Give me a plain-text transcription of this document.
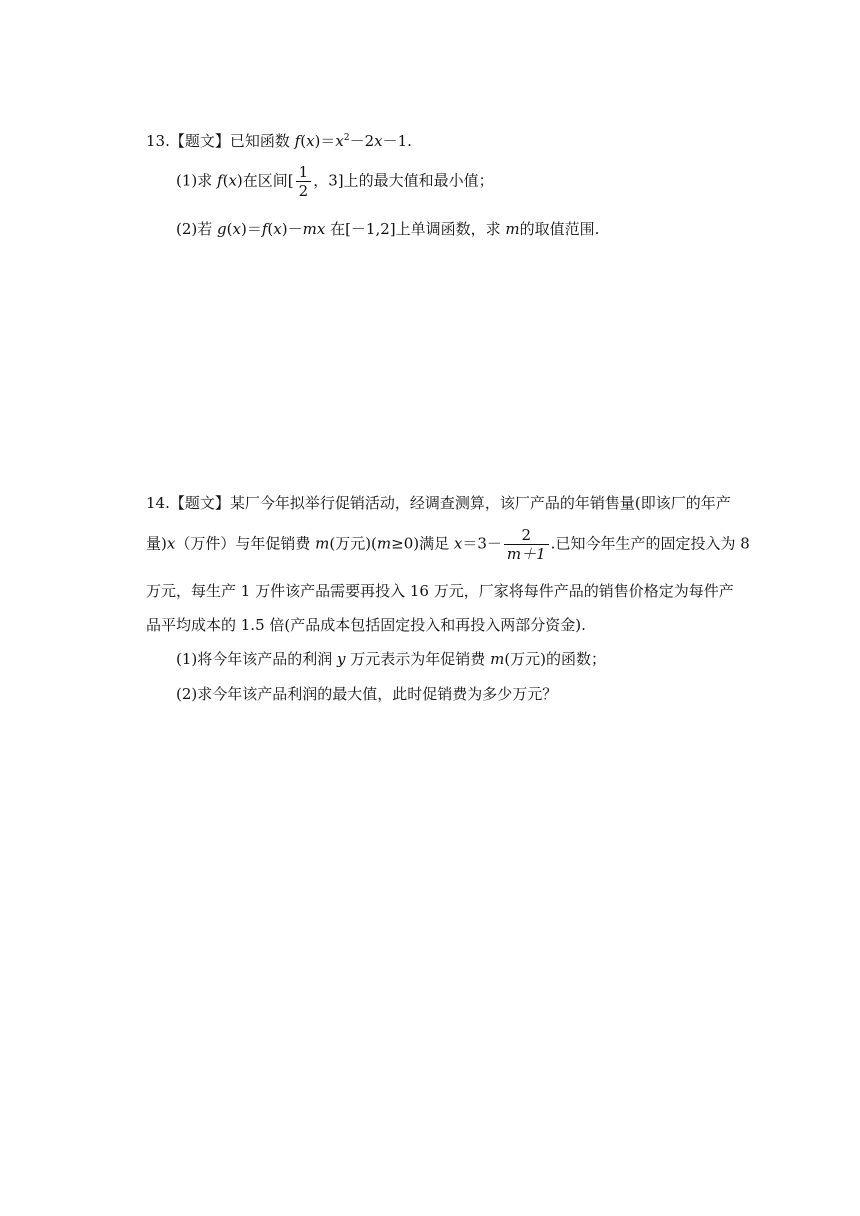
13.【题文】已知函数 $f(x)=x^2-2x-1$.
(1)求 f(x)在区间[ $\frac{1}{2}$ ，3]上的最大值和最小值；
(2)若 g(x)＝f(x)－mx 在[－1,2]上单调函数，求 m的取值范围.
14.【题文】某厂今年拟举行促销活动，经调查测算，该厂产品的年销售量(即该厂的年产
量)x（万件）与年促销费 m(万元)(m≥0)满足 $x=3- \frac{2}{m+1}$ .已知今年生产的固定投入为 8
万元，每生产 1 万件该产品需要再投入 16 万元，厂家将每件产品的销售价格定为每件产
品平均成本的 1.5 倍(产品成本包括固定投入和再投入两部分资金).
(1)将今年该产品的利润 y 万元表示为年促销费 m(万元)的函数；
(2)求今年该产品利润的最大值，此时促销费为多少万元？
